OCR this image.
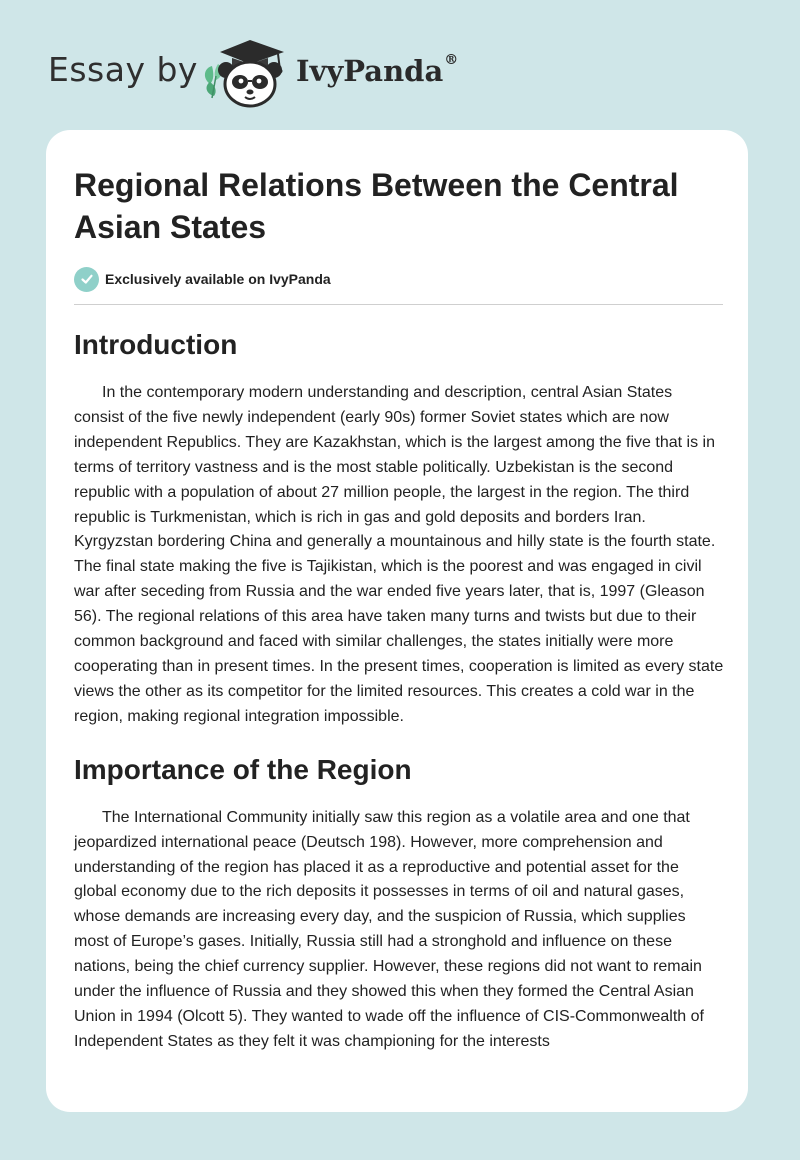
Essay by	IvyPanda®
Regional Relations Between the Central Asian States
Exclusively available on IvyPanda
Introduction

In the contemporary modern understanding and description, central Asian States consist of the five newly independent (early 90s) former Soviet states which are now independent Republics. They are Kazakhstan, which is the largest among the five that is in terms of territory vastness and is the most stable politically. Uzbekistan is the second republic with a population of about 27 million people, the largest in the region. The third republic is Turkmenistan, which is rich in gas and gold deposits and borders Iran. Kyrgyzstan bordering China and generally a mountainous and hilly state is the fourth state. The final state making the five is Tajikistan, which is the poorest and was engaged in civil war after seceding from Russia and the war ended five years later, that is, 1997 (Gleason 56). The regional relations of this area have taken many turns and twists but due to their common background and faced with similar challenges, the states initially were more cooperating than in present times. In the present times, cooperation is limited as every state views the other as its competitor for the limited resources. This creates a cold war in the region, making regional integration impossible.

Importance of the Region

The International Community initially saw this region as a volatile area and one that jeopardized international peace (Deutsch 198). However, more comprehension and understanding of the region has placed it as a reproductive and potential asset for the global economy due to the rich deposits it possesses in terms of oil and natural gases, whose demands are increasing every day, and the suspicion of Russia, which supplies most of Europe’s gases. Initially, Russia still had a stronghold and influence on these nations, being the chief currency supplier. However, these regions did not want to remain under the influence of Russia and they showed this when they formed the Central Asian Union in 1994 (Olcott 5). They wanted to wade off the influence of CIS-Commonwealth of Independent States as they felt it was championing for the interests
